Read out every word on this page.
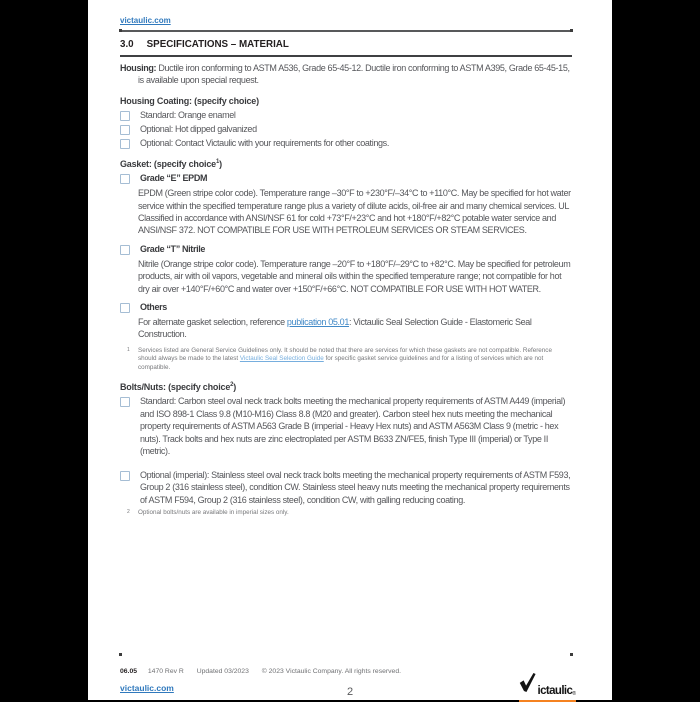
victaulic.com
3.0 SPECIFICATIONS – MATERIAL

Housing: Ductile iron conforming to ASTM A536, Grade 65-45-12. Ductile iron conforming to ASTM A395, Grade 65-45-15, is available upon special request.

Housing Coating: (specify choice)
Standard: Orange enamel
Optional: Hot dipped galvanized
Optional: Contact Victaulic with your requirements for other coatings.
Gasket: (specify choice$^1$)
Grade “E” EPDM

EPDM (Green stripe color code). Temperature range –30°F to +230°F/–34°C to +110°C. May be specified for hot water service within the specified temperature range plus a variety of dilute acids, oil-free air and many chemical services. UL Classified in accordance with ANSI/NSF 61 for cold +73°F/+23°C and hot +180°F/+82°C potable water service and ANSI/NSF 372. NOT COMPATIBLE FOR USE WITH PETROLEUM SERVICES OR STEAM SERVICES.

Grade “T” Nitrile

Nitrile (Orange stripe color code). Temperature range –20°F to +180°F/–29°C to +82°C. May be specified for petroleum products, air with oil vapors, vegetable and mineral oils within the specified temperature range; not compatible for hot dry air over +140°F/+60°C and water over +150°F/+66°C. NOT COMPATIBLE FOR USE WITH HOT WATER.

Others

For alternate gasket selection, reference publication 05.01: Victaulic Seal Selection Guide - Elastomeric Seal Construction.

1 Services listed are General Service Guidelines only. It should be noted that there are services for which these gaskets are not compatible. Reference should always be made to the latest Victaulic Seal Selection Guide for specific gasket service guidelines and for a listing of services which are not compatible.
Bolts/Nuts: (specify choice$^2$)
Standard: Carbon steel oval neck track bolts meeting the mechanical property requirements of ASTM A449 (imperial) and ISO 898-1 Class 9.8 (M10-M16) Class 8.8 (M20 and greater). Carbon steel hex nuts meeting the mechanical property requirements of ASTM A563 Grade B (imperial - Heavy Hex nuts) and ASTM A563M Class 9 (metric - hex nuts). Track bolts and hex nuts are zinc electroplated per ASTM B633 ZN/FE5, finish Type III (imperial) or Type II (metric).
Optional (imperial): Stainless steel oval neck track bolts meeting the mechanical property requirements of ASTM F593, Group 2 (316 stainless steel), condition CW. Stainless steel heavy nuts meeting the mechanical property requirements of ASTM F594, Group 2 (316 stainless steel), condition CW, with galling reducing coating.
2 Optional bolts/nuts are available in imperial sizes only.
06.05 1470 Rev R Updated 03/2023 © 2023 Victaulic Company. All rights reserved.
victaulic.com	2	ictaulic ®
